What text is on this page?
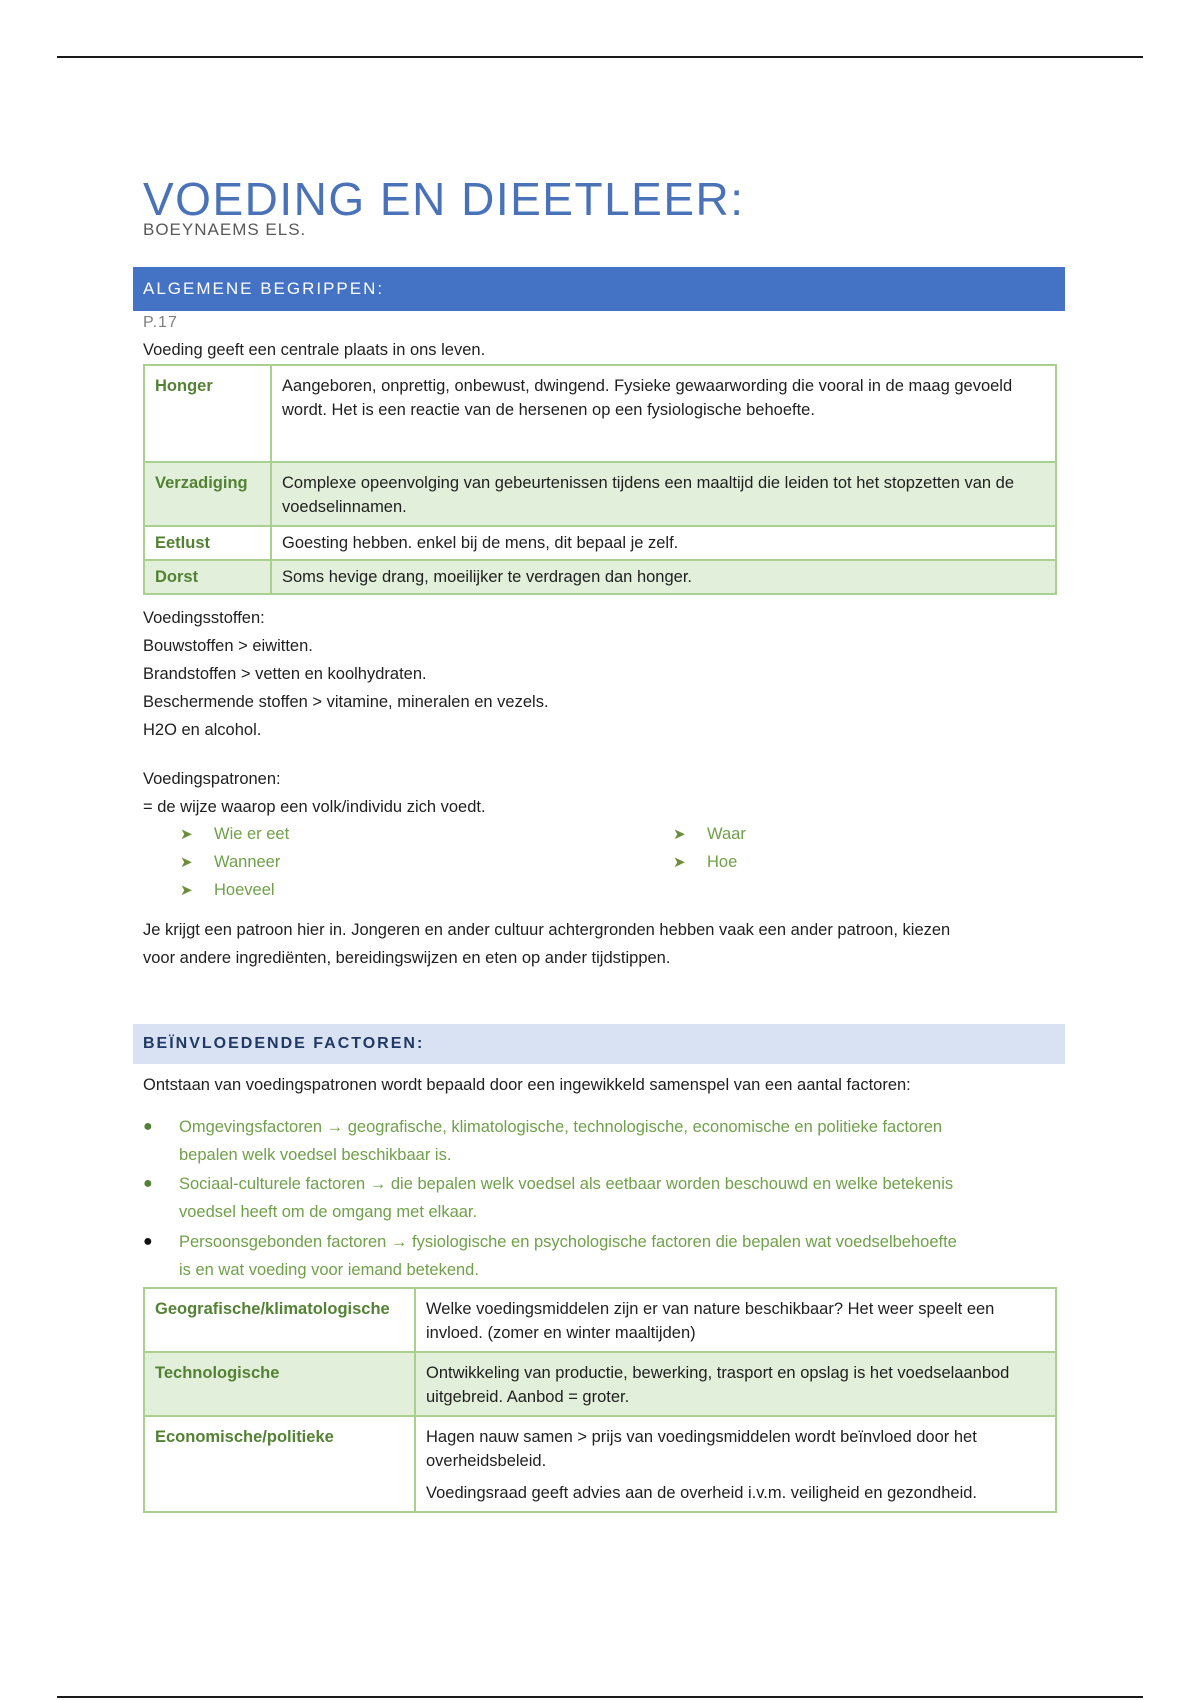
VOEDING EN DIEETLEER:
BOEYNAEMS ELS.
ALGEMENE BEGRIPPEN:
P.17
Voeding geeft een centrale plaats in ons leven.
Honger	Aangeboren, onprettig, onbewust, dwingend. Fysieke gewaarwording die vooral in de maag gevoeld wordt. Het is een reactie van de hersenen op een fysiologische behoefte.
Verzadiging	Complexe opeenvolging van gebeurtenissen tijdens een maaltijd die leiden tot het stopzetten van de voedselinnamen.
Eetlust	Goesting hebben. enkel bij de mens, dit bepaal je zelf.
Dorst	Soms hevige drang, moeilijker te verdragen dan honger.
Voedingsstoffen:
Bouwstoffen > eiwitten.
Brandstoffen > vetten en koolhydraten.
Beschermende stoffen > vitamine, mineralen en vezels.
H2O en alcohol.
Voedingspatronen:
= de wijze waarop een volk/individu zich voedt.
➤ Wie er eet
➤ Wanneer
➤ Hoeveel
➤ Waar
➤ Hoe
Je krijgt een patroon hier in. Jongeren en ander cultuur achtergronden hebben vaak een ander patroon, kiezen
voor andere ingrediënten, bereidingswijzen en eten op ander tijdstippen.
BEÏNVLOEDENDE FACTOREN:
Ontstaan van voedingspatronen wordt bepaald door een ingewikkeld samenspel van een aantal factoren:
● Omgevingsfactoren → geografische, klimatologische, technologische, economische en politieke factoren
bepalen welk voedsel beschikbaar is.
● Sociaal-culturele factoren → die bepalen welk voedsel als eetbaar worden beschouwd en welke betekenis
voedsel heeft om de omgang met elkaar.
● Persoonsgebonden factoren → fysiologische en psychologische factoren die bepalen wat voedselbehoefte
is en wat voeding voor iemand betekend.
Geografische/klimatologische	Welke voedingsmiddelen zijn er van nature beschikbaar? Het weer speelt een invloed. (zomer en winter maaltijden)
Technologische	Ontwikkeling van productie, bewerking, trasport en opslag is het voedselaanbod uitgebreid. Aanbod = groter.
Economische/politieke	Hagen nauw samen > prijs van voedingsmiddelen wordt beïnvloed door het overheidsbeleid.
Voedingsraad geeft advies aan de overheid i.v.m. veiligheid en gezondheid.
